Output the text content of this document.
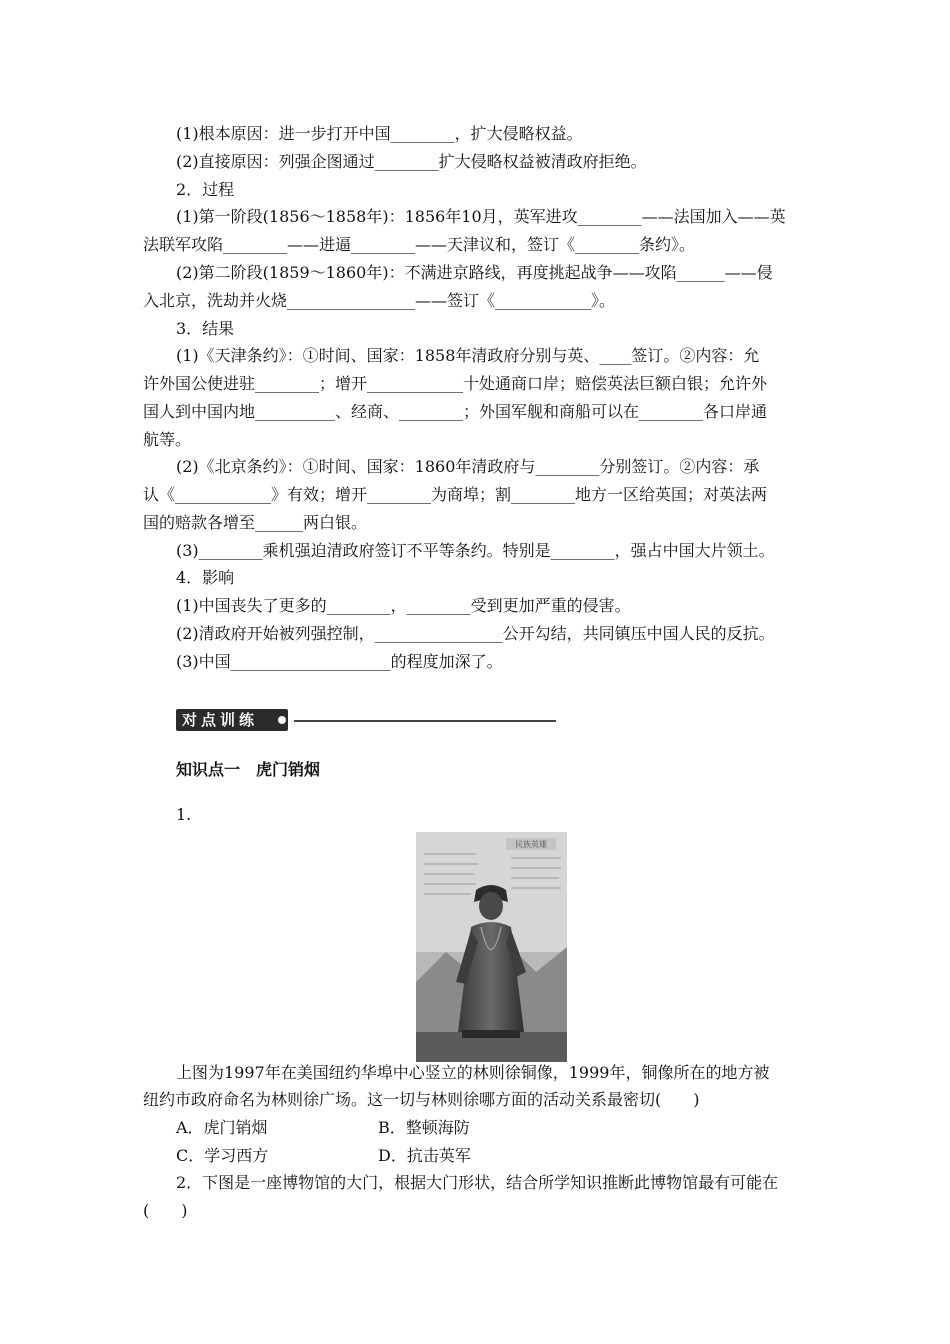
(1)根本原因：进一步打开中国________，扩大侵略权益。
(2)直接原因：列强企图通过________扩大侵略权益被清政府拒绝。
2．过程
(1)第一阶段(1856～1858年)：1856年10月，英军进攻________——法国加入——英
法联军攻陷________——进逼________——天津议和，签订《________条约》。
(2)第二阶段(1859～1860年)：不满进京路线，再度挑起战争——攻陷______——侵
入北京，洗劫并火烧________________——签订《____________》。
3．结果
(1)《天津条约》：①时间、国家：1858年清政府分别与英、____签订。②内容：允
许外国公使进驻________；增开____________十处通商口岸；赔偿英法巨额白银；允许外
国人到中国内地__________、经商、________；外国军舰和商船可以在________各口岸通
航等。
(2)《北京条约》：①时间、国家：1860年清政府与________分别签订。②内容：承
认《____________》有效；增开________为商埠；割________地方一区给英国；对英法两
国的赔款各增至______两白银。
(3)________乘机强迫清政府签订不平等条约。特别是________，强占中国大片领土。
4．影响
(1)中国丧失了更多的________，________受到更加严重的侵害。
(2)清政府开始被列强控制，________________公开勾结，共同镇压中国人民的反抗。
(3)中国____________________的程度加深了。
对点训练
知识点一　虎门销烟
1.
民族英雄
上图为1997年在美国纽约华埠中心竖立的林则徐铜像，1999年，铜像所在的地方被
纽约市政府命名为林则徐广场。这一切与林则徐哪方面的活动关系最密切(　　)
A．虎门销烟	B．整顿海防
C．学习西方	D．抗击英军
2．下图是一座博物馆的大门，根据大门形状，结合所学知识推断此博物馆最有可能在
(　　)
